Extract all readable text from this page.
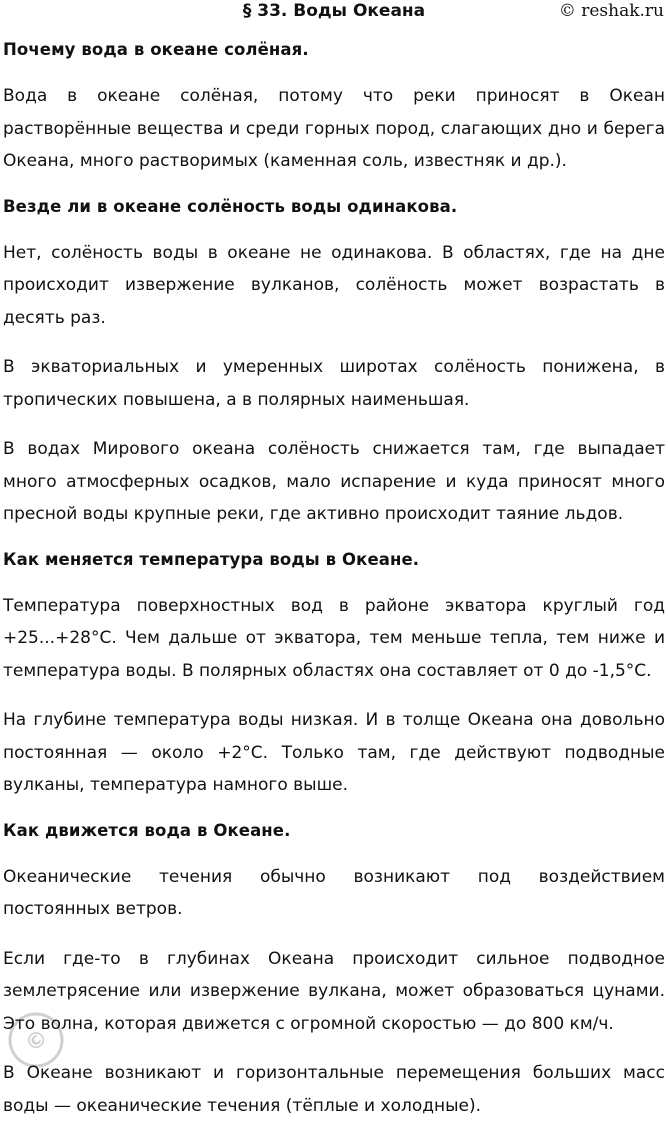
§ 33. Воды Океана	© reshak.ru
Почему вода в океане солёная.

Вода в океане солёная, потому что реки приносят в Океан растворённые вещества и среди горных пород, слагающих дно и берега Океана, много растворимых (каменная соль, известняк и др.).

Везде ли в океане солёность воды одинакова.

Нет, солёность воды в океане не одинакова. В областях, где на дне происходит извержение вулканов, солёность может возрастать в десять раз.

В экваториальных и умеренных широтах солёность понижена, в тропических повышена, а в полярных наименьшая.

В водах Мирового океана солёность снижается там, где выпадает много атмосферных осадков, мало испарение и куда приносят много пресной воды крупные реки, где активно происходит таяние льдов.

Как меняется температура воды в Океане.

Температура поверхностных вод в районе экватора круглый год +25...+28°С. Чем дальше от экватора, тем меньше тепла, тем ниже и температура воды. В полярных областях она составляет от 0 до -1,5°С.

На глубине температура воды низкая. И в толще Океана она довольно постоянная — около +2°С. Только там, где действуют подводные вулканы, температура намного выше.

Как движется вода в Океане.

Океанические течения обычно возникают под воздействием постоянных ветров.

Если где-то в глубинах Океана происходит сильное подводное землетрясение или извержение вулкана, может образоваться цунами. Это волна, которая движется с огромной скоростью — до 800 км/ч.

В Океане возникают и горизонтальные перемещения больших масс воды — океанические течения (тёплые и холодные).

©
